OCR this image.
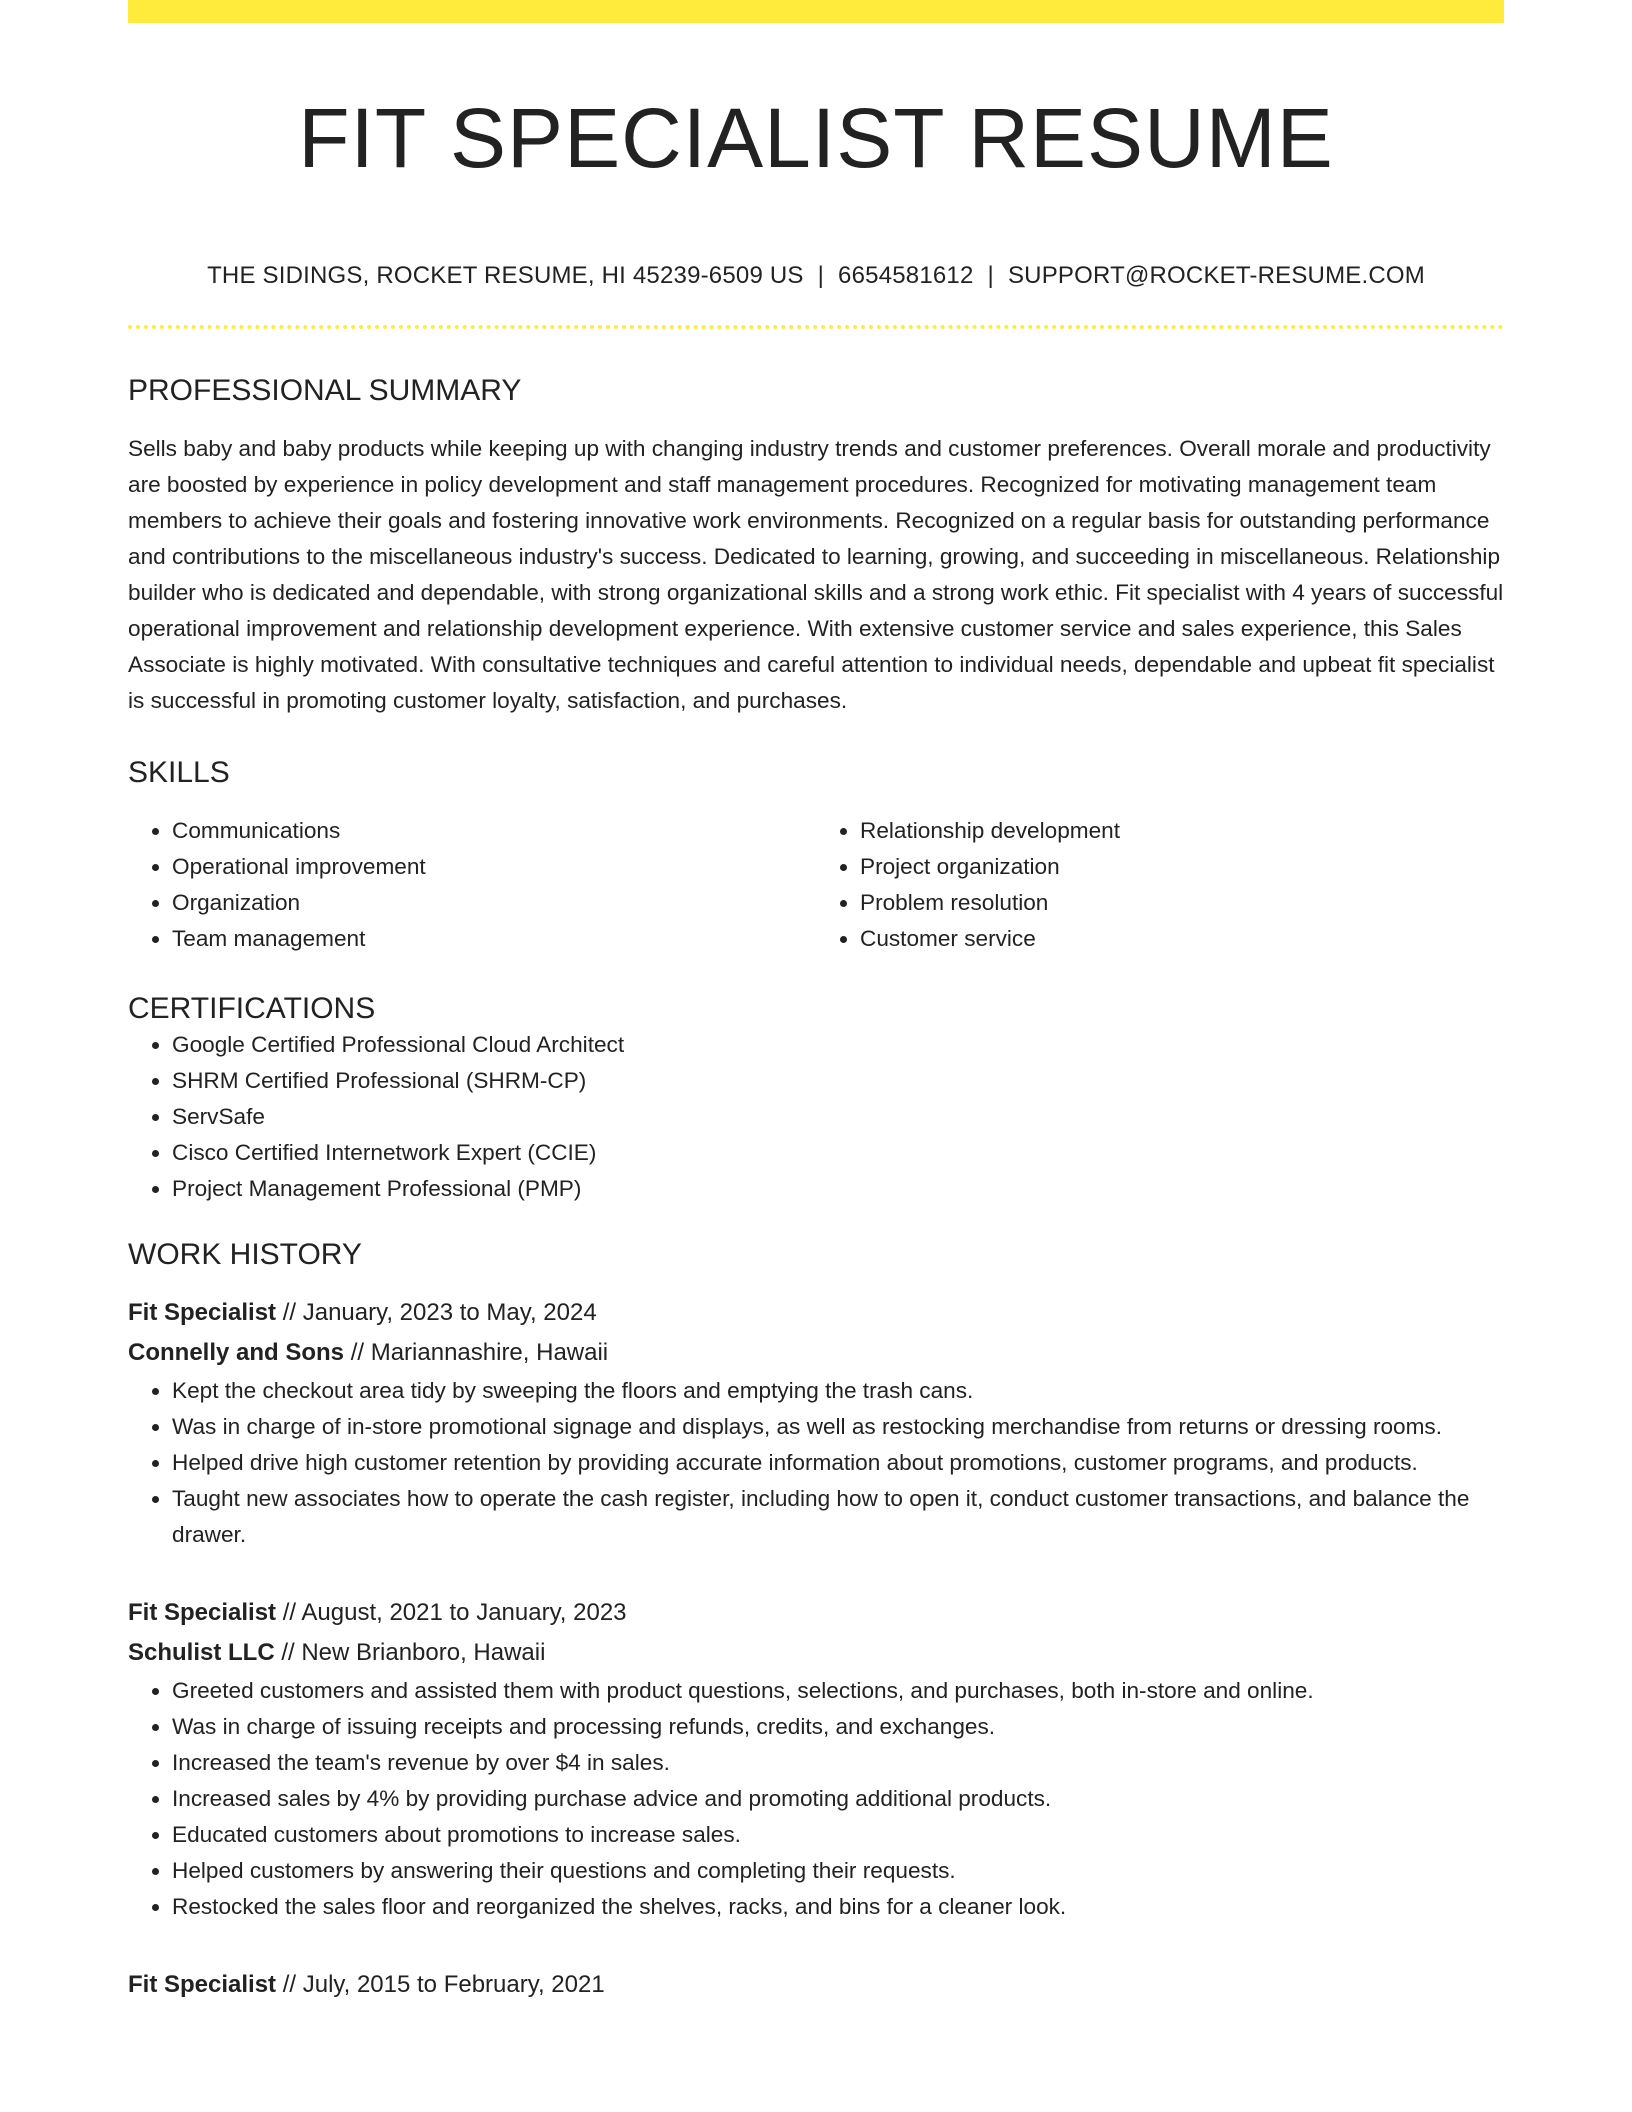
FIT SPECIALIST RESUME
THE SIDINGS, ROCKET RESUME, HI 45239-6509 US | 6654581612 | SUPPORT@ROCKET-RESUME.COM
PROFESSIONAL SUMMARY
Sells baby and baby products while keeping up with changing industry trends and customer preferences. Overall morale and productivity are boosted by experience in policy development and staff management procedures. Recognized for motivating management team members to achieve their goals and fostering innovative work environments. Recognized on a regular basis for outstanding performance and contributions to the miscellaneous industry's success. Dedicated to learning, growing, and succeeding in miscellaneous. Relationship builder who is dedicated and dependable, with strong organizational skills and a strong work ethic. Fit specialist with 4 years of successful operational improvement and relationship development experience. With extensive customer service and sales experience, this Sales Associate is highly motivated. With consultative techniques and careful attention to individual needs, dependable and upbeat fit specialist is successful in promoting customer loyalty, satisfaction, and purchases.
SKILLS
• Communications
• Operational improvement
• Organization
• Team management
• Relationship development
• Project organization
• Problem resolution
• Customer service
CERTIFICATIONS
• Google Certified Professional Cloud Architect
• SHRM Certified Professional (SHRM-CP)
• ServSafe
• Cisco Certified Internetwork Expert (CCIE)
• Project Management Professional (PMP)
WORK HISTORY
Fit Specialist // January, 2023 to May, 2024
Connelly and Sons // Mariannashire, Hawaii
• Kept the checkout area tidy by sweeping the floors and emptying the trash cans.
• Was in charge of in-store promotional signage and displays, as well as restocking merchandise from returns or dressing rooms.
• Helped drive high customer retention by providing accurate information about promotions, customer programs, and products.
• Taught new associates how to operate the cash register, including how to open it, conduct customer transactions, and balance the drawer.
Fit Specialist // August, 2021 to January, 2023
Schulist LLC // New Brianboro, Hawaii
• Greeted customers and assisted them with product questions, selections, and purchases, both in-store and online.
• Was in charge of issuing receipts and processing refunds, credits, and exchanges.
• Increased the team's revenue by over $4 in sales.
• Increased sales by 4% by providing purchase advice and promoting additional products.
• Educated customers about promotions to increase sales.
• Helped customers by answering their questions and completing their requests.
• Restocked the sales floor and reorganized the shelves, racks, and bins for a cleaner look.
Fit Specialist // July, 2015 to February, 2021
